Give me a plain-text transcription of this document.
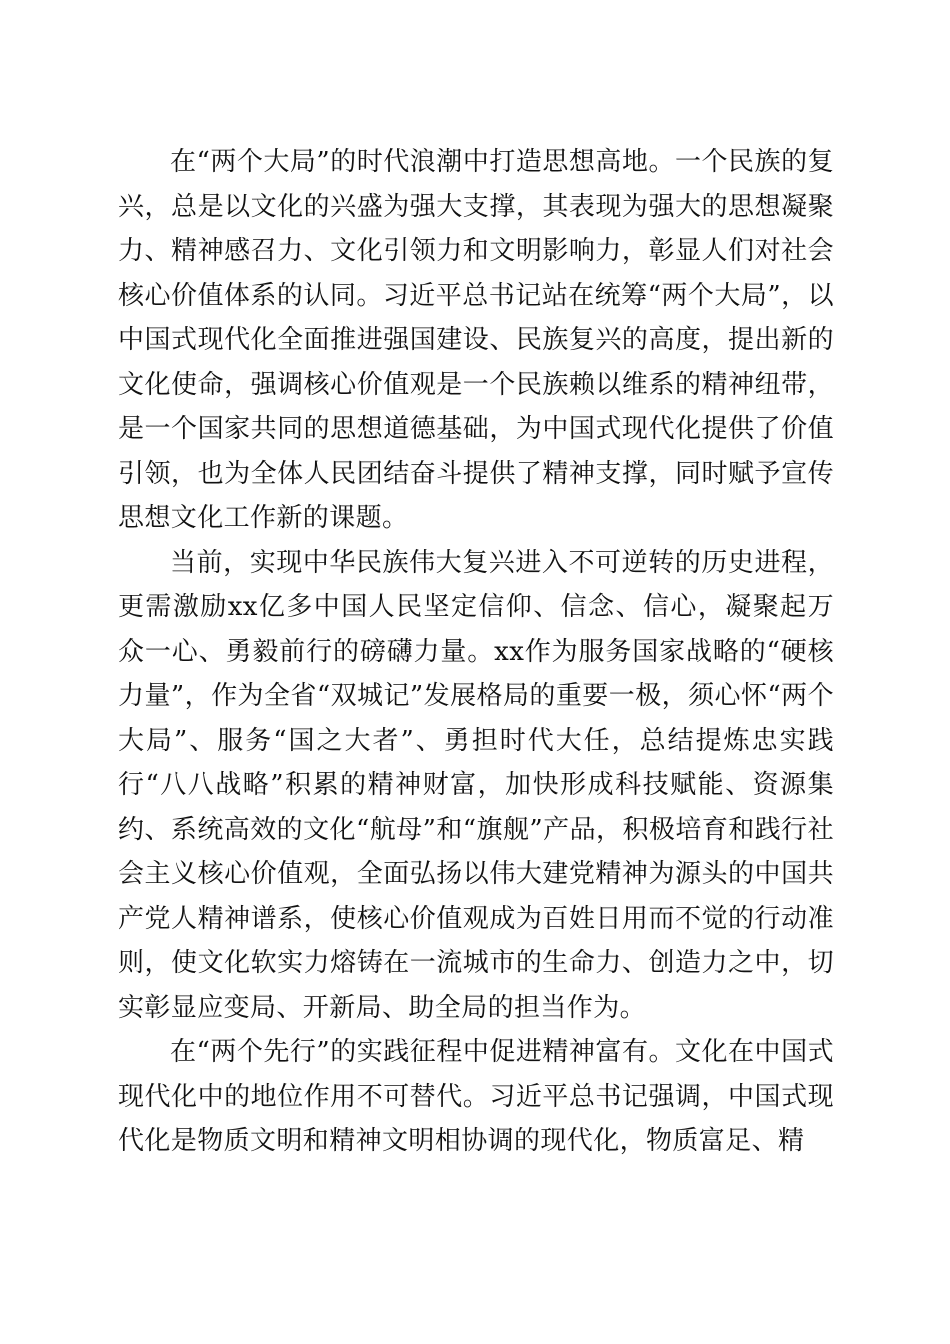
在“两个大局”的时代浪潮中打造思想高地。一个民族的复兴，总是以文化的兴盛为强大支撑，其表现为强大的思想凝聚力、精神感召力、文化引领力和文明影响力，彰显人们对社会核心价值体系的认同。习近平总书记站在统筹“两个大局”，以中国式现代化全面推进强国建设、民族复兴的高度，提出新的文化使命，强调核心价值观是一个民族赖以维系的精神纽带，是一个国家共同的思想道德基础，为中国式现代化提供了价值引领，也为全体人民团结奋斗提供了精神支撑，同时赋予宣传思想文化工作新的课题。

当前，实现中华民族伟大复兴进入不可逆转的历史进程，更需激励xx亿多中国人民坚定信仰、信念、信心，凝聚起万众一心、勇毅前行的磅礴力量。xx作为服务国家战略的“硬核力量”，作为全省“双城记”发展格局的重要一极，须心怀“两个大局”、服务“国之大者”、勇担时代大任，总结提炼忠实践行“八八战略”积累的精神财富，加快形成科技赋能、资源集约、系统高效的文化“航母”和“旗舰”产品，积极培育和践行社会主义核心价值观，全面弘扬以伟大建党精神为源头的中国共产党人精神谱系，使核心价值观成为百姓日用而不觉的行动准则，使文化软实力熔铸在一流城市的生命力、创造力之中，切实彰显应变局、开新局、助全局的担当作为。

在“两个先行”的实践征程中促进精神富有。文化在中国式现代化中的地位作用不可替代。习近平总书记强调，中国式现代化是物质文明和精神文明相协调的现代化，物质富足、精
